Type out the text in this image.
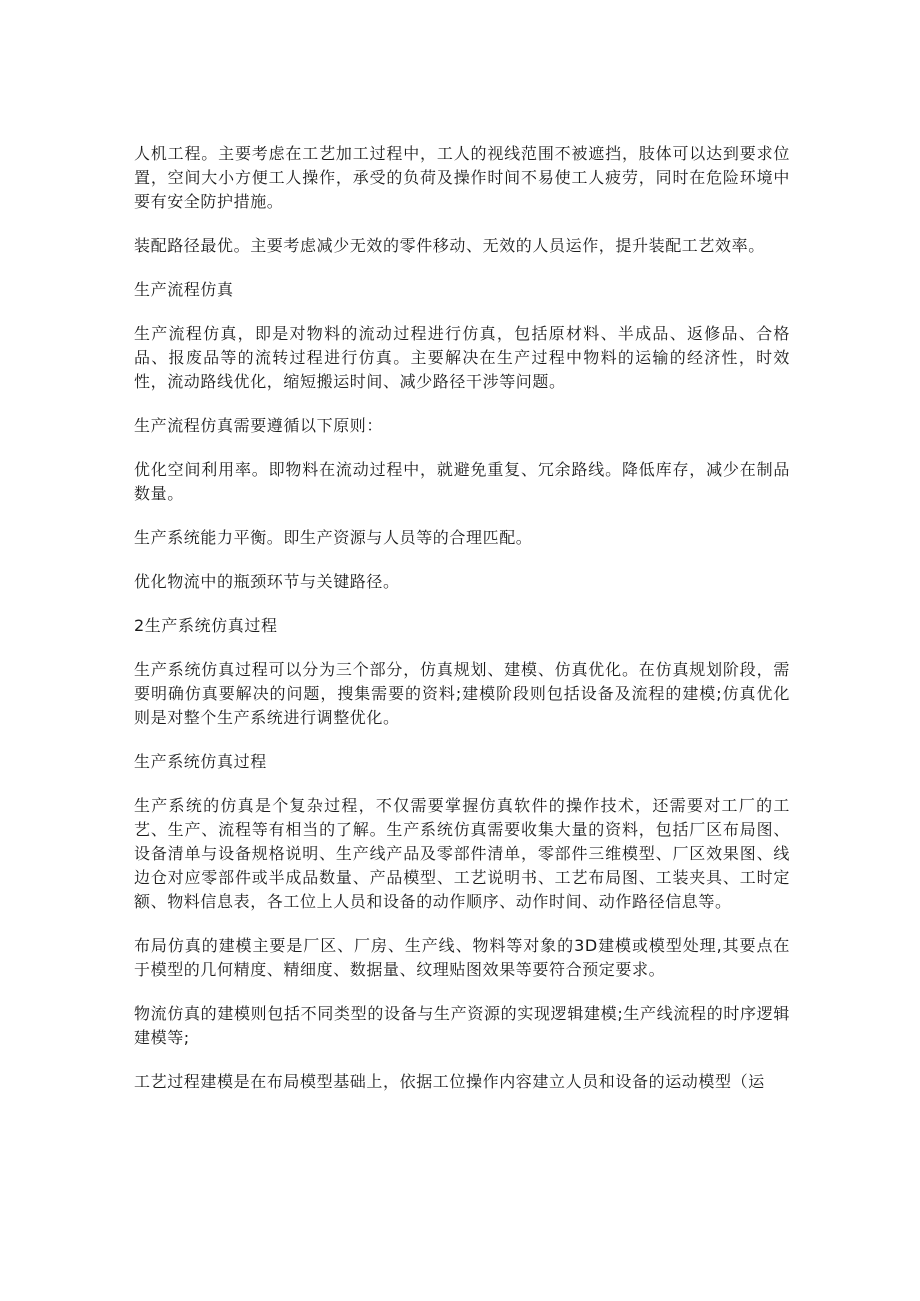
人机工程。主要考虑在工艺加工过程中，工人的视线范围不被遮挡，肢体可以达到要求位置，空间大小方便工人操作，承受的负荷及操作时间不易使工人疲劳，同时在危险环境中要有安全防护措施。

装配路径最优。主要考虑减少无效的零件移动、无效的人员运作，提升装配工艺效率。

生产流程仿真

生产流程仿真，即是对物料的流动过程进行仿真，包括原材料、半成品、返修品、合格品、报废品等的流转过程进行仿真。主要解决在生产过程中物料的运输的经济性，时效性，流动路线优化，缩短搬运时间、减少路径干涉等问题。

生产流程仿真需要遵循以下原则：

优化空间利用率。即物料在流动过程中，就避免重复、冗余路线。降低库存，减少在制品数量。

生产系统能力平衡。即生产资源与人员等的合理匹配。

优化物流中的瓶颈环节与关键路径。

2生产系统仿真过程

生产系统仿真过程可以分为三个部分，仿真规划、建模、仿真优化。在仿真规划阶段，需要明确仿真要解决的问题，搜集需要的资料;建模阶段则包括设备及流程的建模;仿真优化则是对整个生产系统进行调整优化。

生产系统仿真过程

生产系统的仿真是个复杂过程，不仅需要掌握仿真软件的操作技术，还需要对工厂的工艺、生产、流程等有相当的了解。生产系统仿真需要收集大量的资料，包括厂区布局图、设备清单与设备规格说明、生产线产品及零部件清单，零部件三维模型、厂区效果图、线边仓对应零部件或半成品数量、产品模型、工艺说明书、工艺布局图、工装夹具、工时定额、物料信息表，各工位上人员和设备的动作顺序、动作时间、动作路径信息等。

布局仿真的建模主要是厂区、厂房、生产线、物料等对象的3D建模或模型处理,其要点在于模型的几何精度、精细度、数据量、纹理贴图效果等要符合预定要求。

物流仿真的建模则包括不同类型的设备与生产资源的实现逻辑建模;生产线流程的时序逻辑建模等;

工艺过程建模是在布局模型基础上，依据工位操作内容建立人员和设备的运动模型（运
